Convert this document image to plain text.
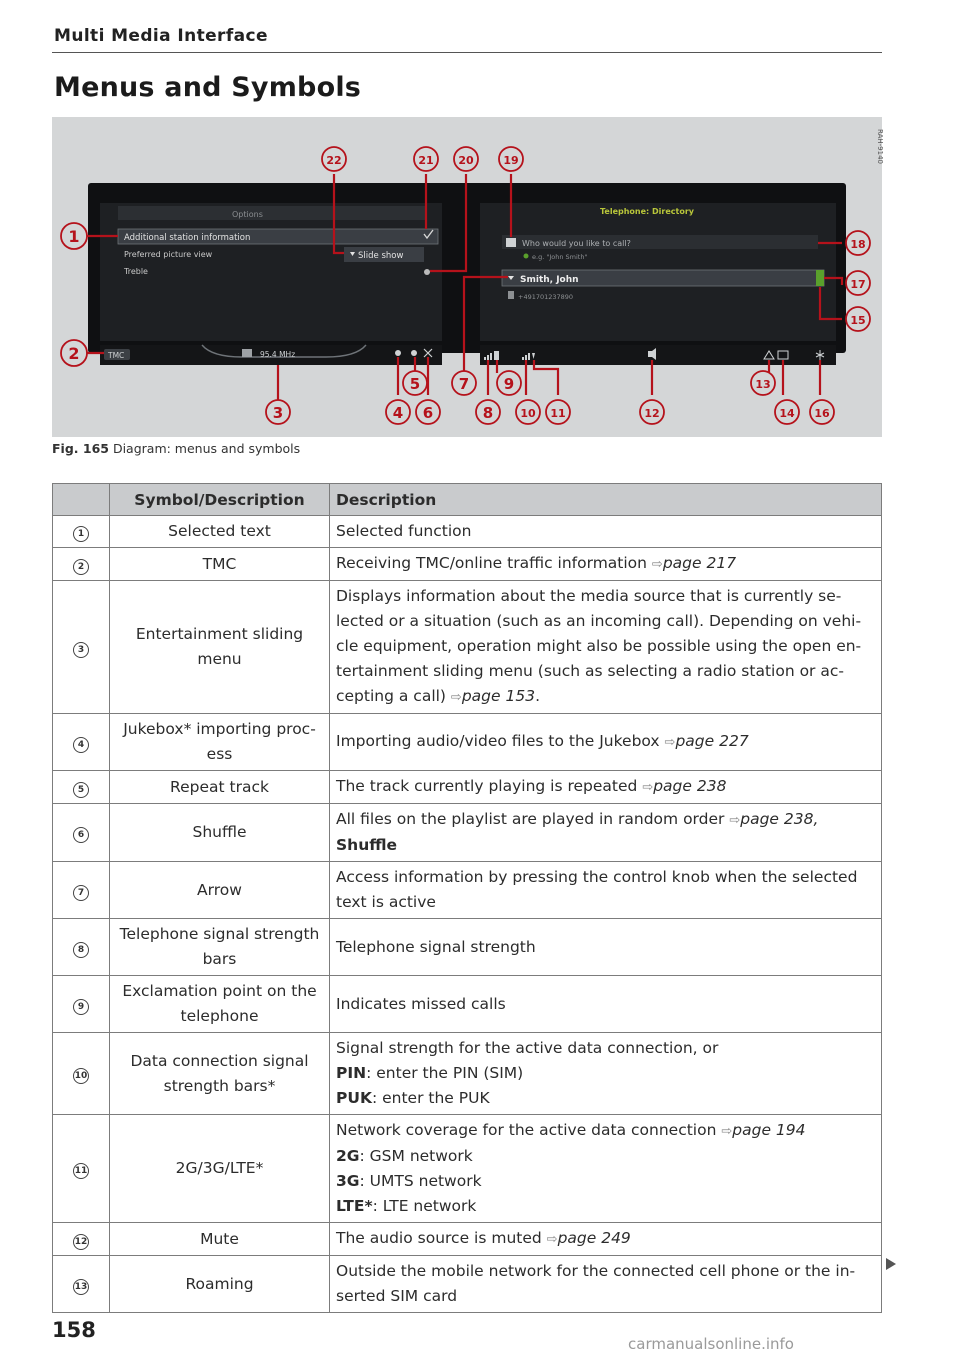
Multi Media Interface
Menus and Symbols
Options
Additional station information
Preferred picture view
Treble
Slide show
TMC	95.4 MHz
Telephone: Directory
Who would you like to call?
e.g. "John Smith"
Smith, John
+491701237890
1
2
3	4
5
6
7
8
9
10 11	12
13
14
15
16
17
18
19
20
21
22	RAH-9140
Fig. 165 Diagram: menus and symbols
	Symbol/Description	Description
1	Selected text	Selected function
2	TMC	Receiving TMC/online traffic information ⇨page 217
3	Entertainment sliding menu	Displays information about the media source that is currently se-lected or a situation (such as an incoming call). Depending on vehi-cle equipment, operation might also be possible using the open en-tertainment sliding menu (such as selecting a radio station or ac-cepting a call) ⇨page 153.
4	Jukebox* importing proc-ess	Importing audio/video files to the Jukebox ⇨page 227
5	Repeat track	The track currently playing is repeated ⇨page 238
6	Shuffle	All files on the playlist are played in random order ⇨page 238,
Shuffle
7	Arrow	Access information by pressing the control knob when the selected text is active
8	Telephone signal strength bars	Telephone signal strength
9	Exclamation point on the telephone	Indicates missed calls
10	Data connection signal strength bars*	Signal strength for the active data connection, or
PIN: enter the PIN (SIM)
PUK: enter the PUK
11	2G/3G/LTE*	Network coverage for the active data connection ⇨page 194
2G: GSM network
3G: UMTS network
LTE*: LTE network
12	Mute	The audio source is muted ⇨page 249
13	Roaming	Outside the mobile network for the connected cell phone or the in-serted SIM card
158
carmanualsonline.info
